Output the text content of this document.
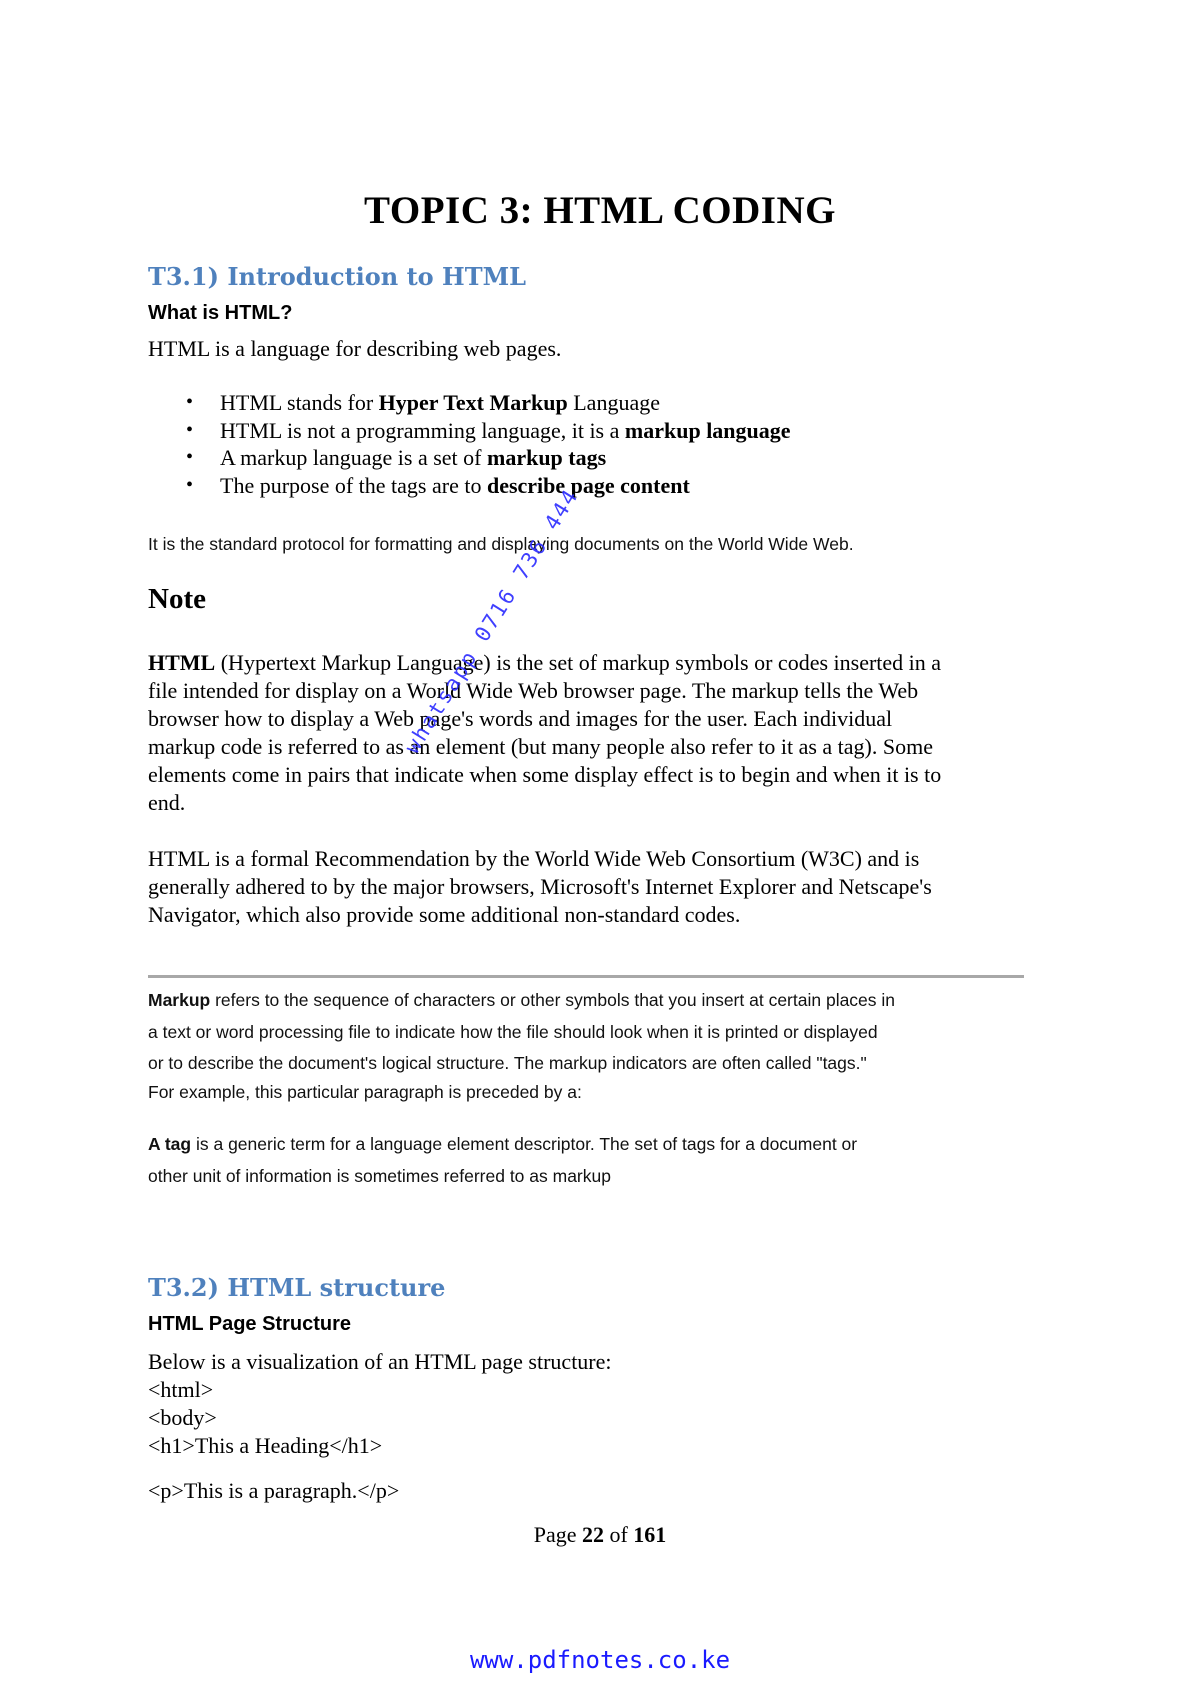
TOPIC 3: HTML CODING
T3.1) Introduction to HTML
What is HTML?
HTML is a language for describing web pages.
• HTML stands for Hyper Text Markup Language
• HTML is not a programming language, it is a markup language
• A markup language is a set of markup tags
• The purpose of the tags are to describe page content
It is the standard protocol for formatting and displaying documents on the World Wide Web.
Note
HTML (Hypertext Markup Language) is the set of markup symbols or codes inserted in a
file intended for display on a World Wide Web browser page. The markup tells the Web
browser how to display a Web page's words and images for the user. Each individual
markup code is referred to as an element (but many people also refer to it as a tag). Some
elements come in pairs that indicate when some display effect is to begin and when it is to
end.
HTML is a formal Recommendation by the World Wide Web Consortium (W3C) and is
generally adhered to by the major browsers, Microsoft's Internet Explorer and Netscape's
Navigator, which also provide some additional non-standard codes.
Markup refers to the sequence of characters or other symbols that you insert at certain places in
a text or word processing file to indicate how the file should look when it is printed or displayed
or to describe the document's logical structure. The markup indicators are often called "tags."
For example, this particular paragraph is preceded by a:
A tag is a generic term for a language element descriptor. The set of tags for a document or
other unit of information is sometimes referred to as markup
T3.2) HTML structure
HTML Page Structure
Below is a visualization of an HTML page structure:
<html>
<body>
<h1>This a Heading</h1>
<p>This is a paragraph.</p>
Page 22 of 161
www.pdfnotes.co.ke
whatsapp 0716 736 444
